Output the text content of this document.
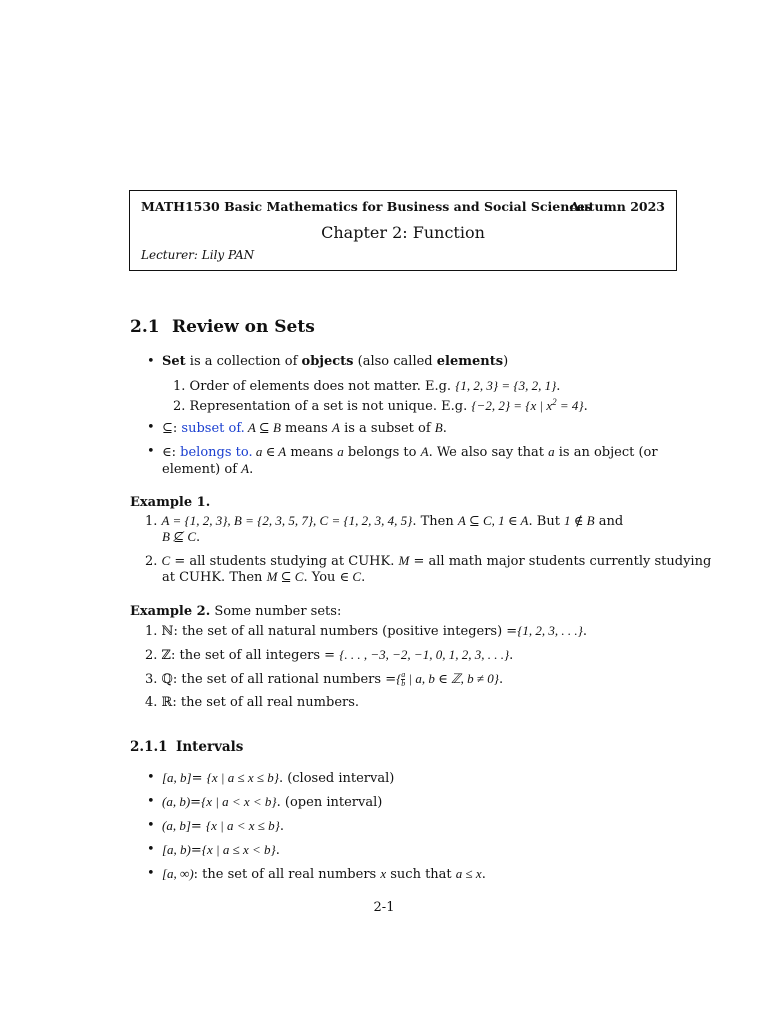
MATH1530 Basic Mathematics for Business and Social Sciences
Autumn 2023
Chapter 2: Function
Lecturer: Lily PAN
2.1 Review on Sets
• Set is a collection of objects (also called elements)
1. Order of elements does not matter. E.g. {1, 2, 3} = {3, 2, 1}.
2. Representation of a set is not unique. E.g. {−2, 2} = {x | $x^2 = 4$}.
• ⊆: subset of. A ⊆ B means A is a subset of B.
• ∈: belongs to. a ∈ A means a belongs to A. We also say that a is an object (or
element) of A.
Example 1.
1. A = {1, 2, 3}, B = {2, 3, 5, 7}, C = {1, 2, 3, 4, 5}. Then A ⊆ C, 1 ∈ A. But 1 ∉ B and
B ⊈ C.
2. C = all students studying at CUHK. M = all math major students currently studying
at CUHK. Then M ⊆ C. You ∈ C.
Example 2. Some number sets:
1. ℕ: the set of all natural numbers (positive integers) ={1, 2, 3, . . .}.
2. ℤ: the set of all integers = {. . . , −3, −2, −1, 0, 1, 2, 3, . . .}.
3. ℚ: the set of all rational numbers ={ $\frac{a}{b}$ | a, b ∈ ℤ, b ≠ 0}.
4. ℝ: the set of all real numbers.
2.1.1 Intervals
• [a, b]= {x | a ≤ x ≤ b}. (closed interval)
• (a, b)={x | a < x < b}. (open interval)
• (a, b]= {x | a < x ≤ b}.
• [a, b)={x | a ≤ x < b}.
• [a, ∞): the set of all real numbers x such that a ≤ x.
2-1
